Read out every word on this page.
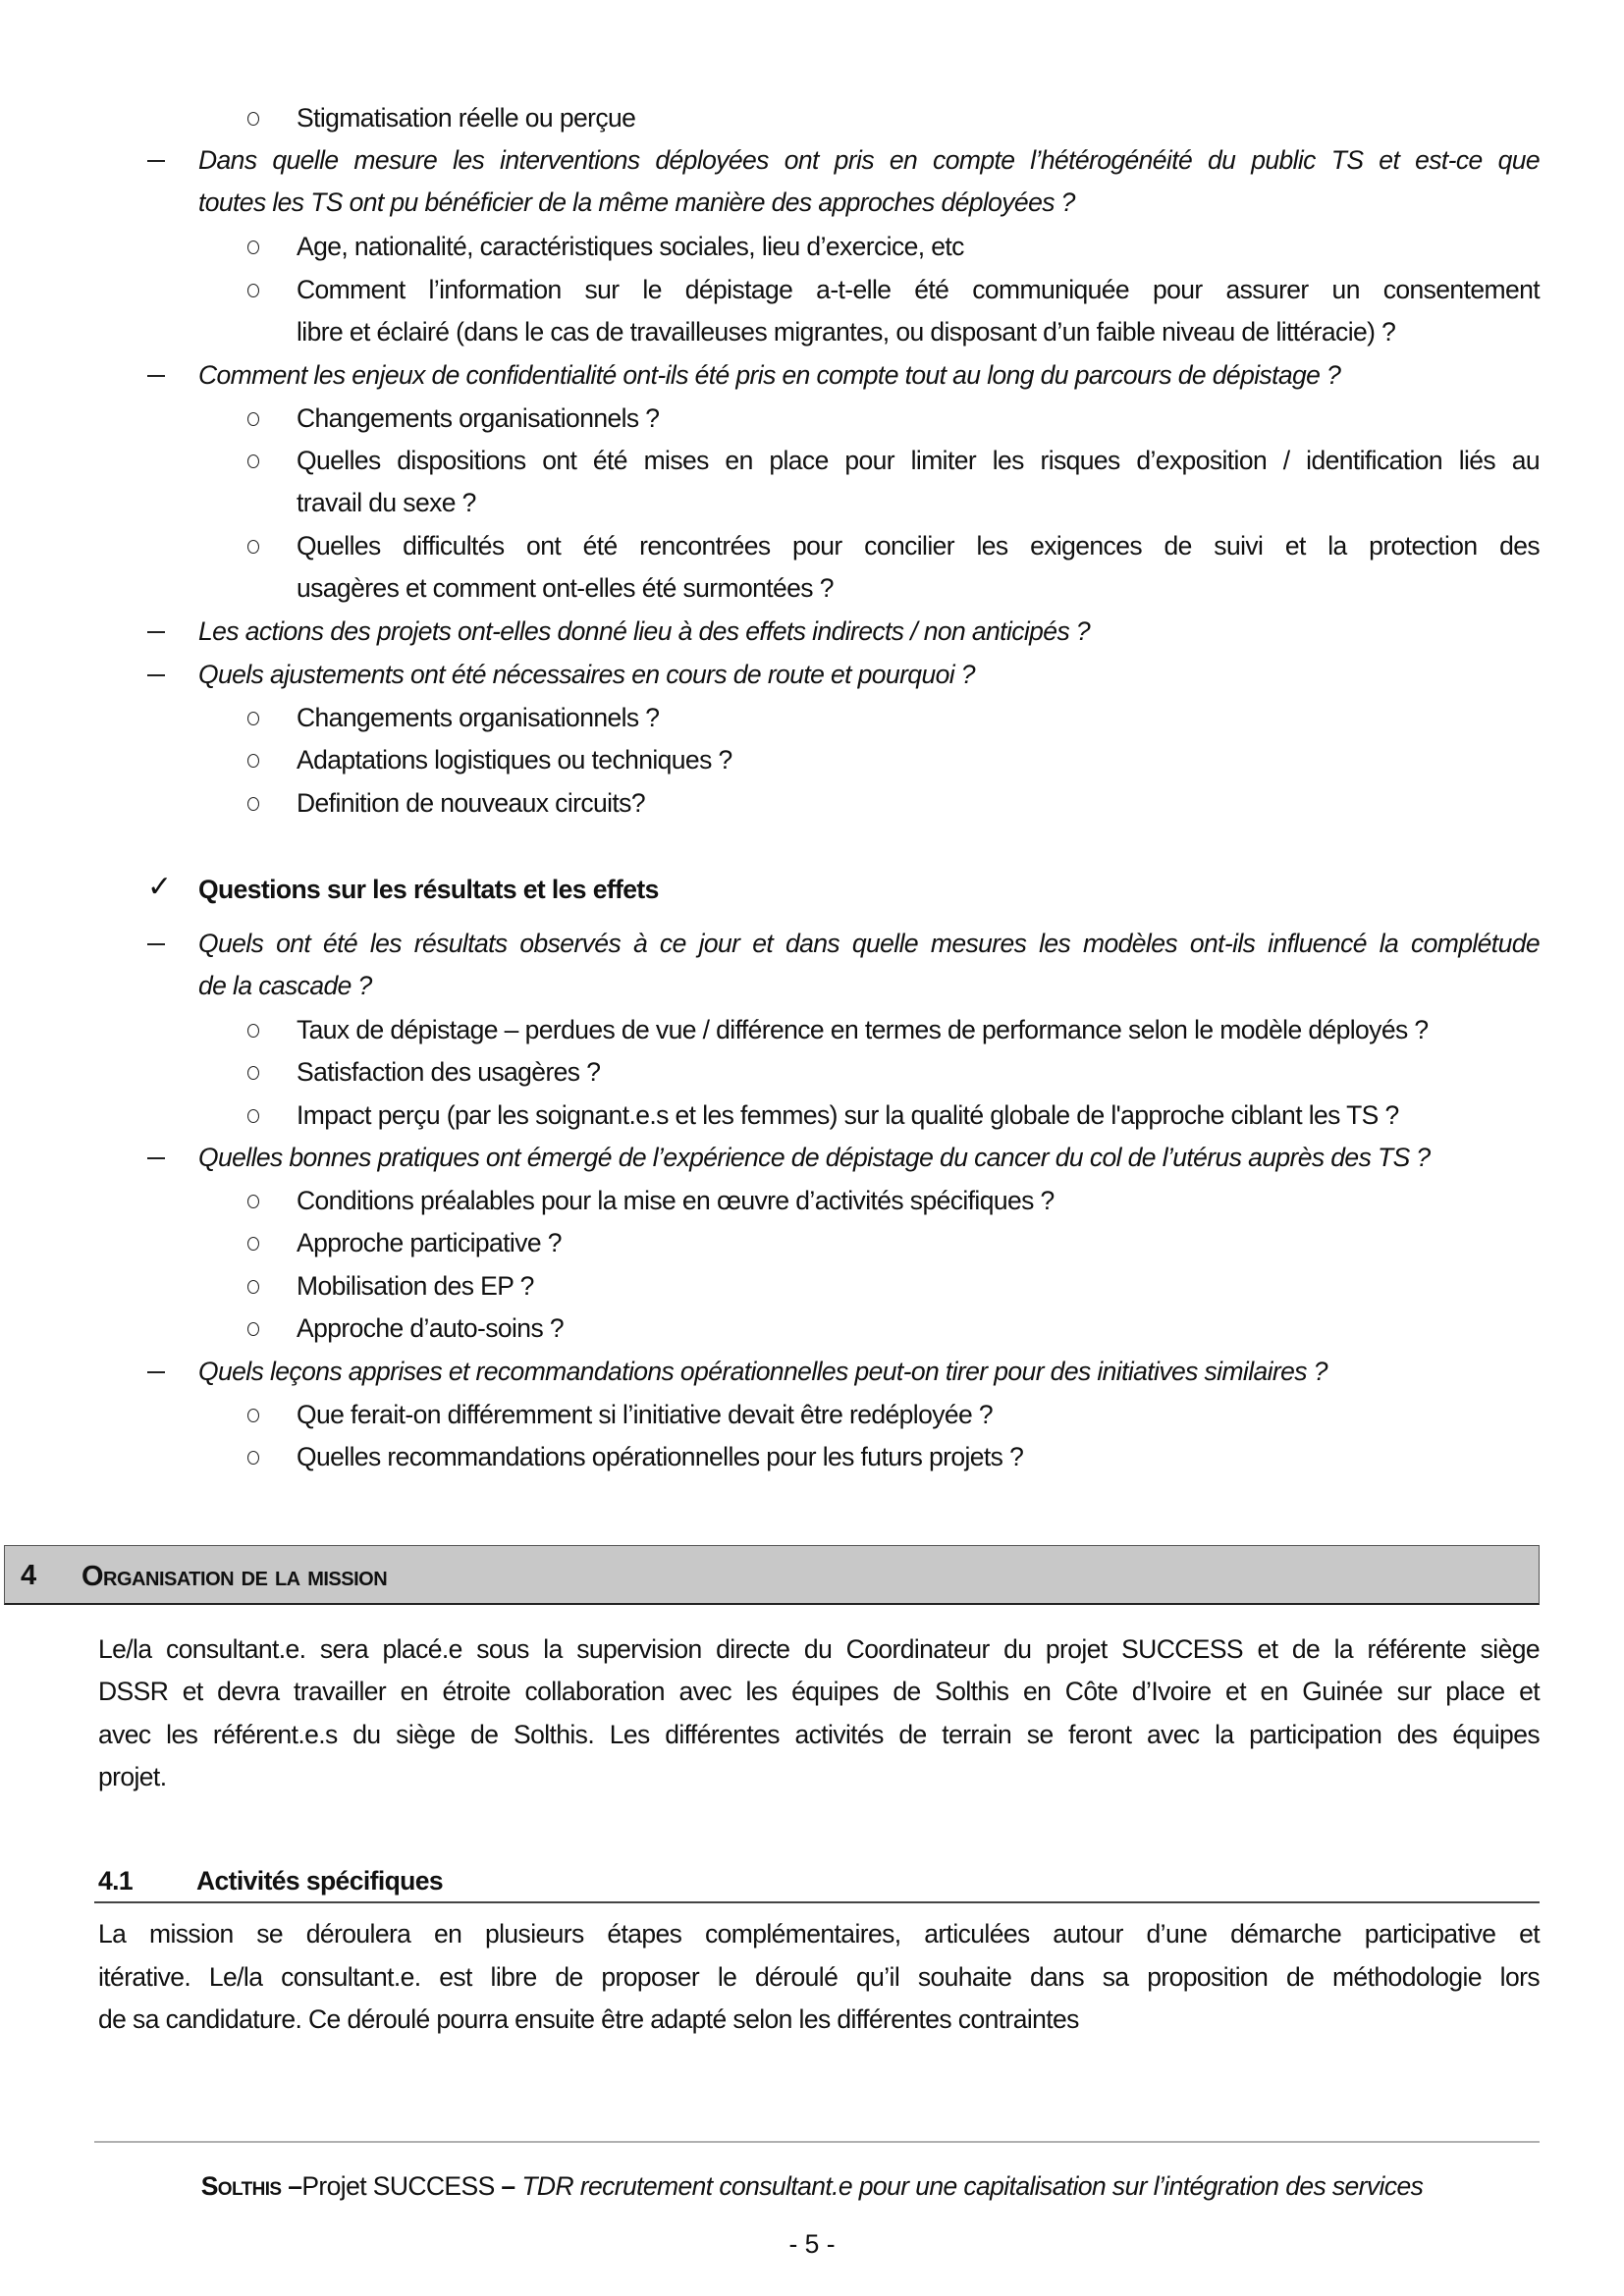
Stigmatisation réelle ou perçue
Dans quelle mesure les interventions déployées ont pris en compte l’hétérogénéité du public TS et est-ce que
toutes les TS ont pu bénéficier de la même manière des approches déployées ?
Age, nationalité, caractéristiques sociales, lieu d’exercice, etc
Comment l’information sur le dépistage a-t-elle été communiquée pour assurer un consentement
libre et éclairé (dans le cas de travailleuses migrantes, ou disposant d’un faible niveau de littéracie) ?
Comment les enjeux de confidentialité ont-ils été pris en compte tout au long du parcours de dépistage ?
Changements organisationnels ?
Quelles dispositions ont été mises en place pour limiter les risques d’exposition / identification liés au
travail du sexe ?
Quelles difficultés ont été rencontrées pour concilier les exigences de suivi et la protection des
usagères et comment ont-elles été surmontées ?
Les actions des projets ont-elles donné lieu à des effets indirects / non anticipés ?
Quels ajustements ont été nécessaires en cours de route et pourquoi ?
Changements organisationnels ?
Adaptations logistiques ou techniques ?
Definition de nouveaux circuits?
✓ Questions sur les résultats et les effets
Quels ont été les résultats observés à ce jour et dans quelle mesures les modèles ont-ils influencé la complétude
de la cascade ?
Taux de dépistage – perdues de vue / différence en termes de performance selon le modèle déployés ?
Satisfaction des usagères ?
Impact perçu (par les soignant.e.s et les femmes) sur la qualité globale de l'approche ciblant les TS ?
Quelles bonnes pratiques ont émergé de l’expérience de dépistage du cancer du col de l’utérus auprès des TS ?
Conditions préalables pour la mise en œuvre d’activités spécifiques ?
Approche participative ?
Mobilisation des EP ?
Approche d’auto-soins ?
Quels leçons apprises et recommandations opérationnelles peut-on tirer pour des initiatives similaires ?
Que ferait-on différemment si l’initiative devait être redéployée ?
Quelles recommandations opérationnelles pour les futurs projets ?
4 Organisation de la mission
Le/la consultant.e. sera placé.e sous la supervision directe du Coordinateur du projet SUCCESS et de la référente siège
DSSR et devra travailler en étroite collaboration avec les équipes de Solthis en Côte d’Ivoire et en Guinée sur place et
avec les référent.e.s du siège de Solthis. Les différentes activités de terrain se feront avec la participation des équipes
projet.
4.1 Activités spécifiques
La mission se déroulera en plusieurs étapes complémentaires, articulées autour d’une démarche participative et
itérative. Le/la consultant.e. est libre de proposer le déroulé qu’il souhaite dans sa proposition de méthodologie lors
de sa candidature. Ce déroulé pourra ensuite être adapté selon les différentes contraintes
Solthis –Projet SUCCESS – TDR recrutement consultant.e pour une capitalisation sur l’intégration des services
- 5 -
